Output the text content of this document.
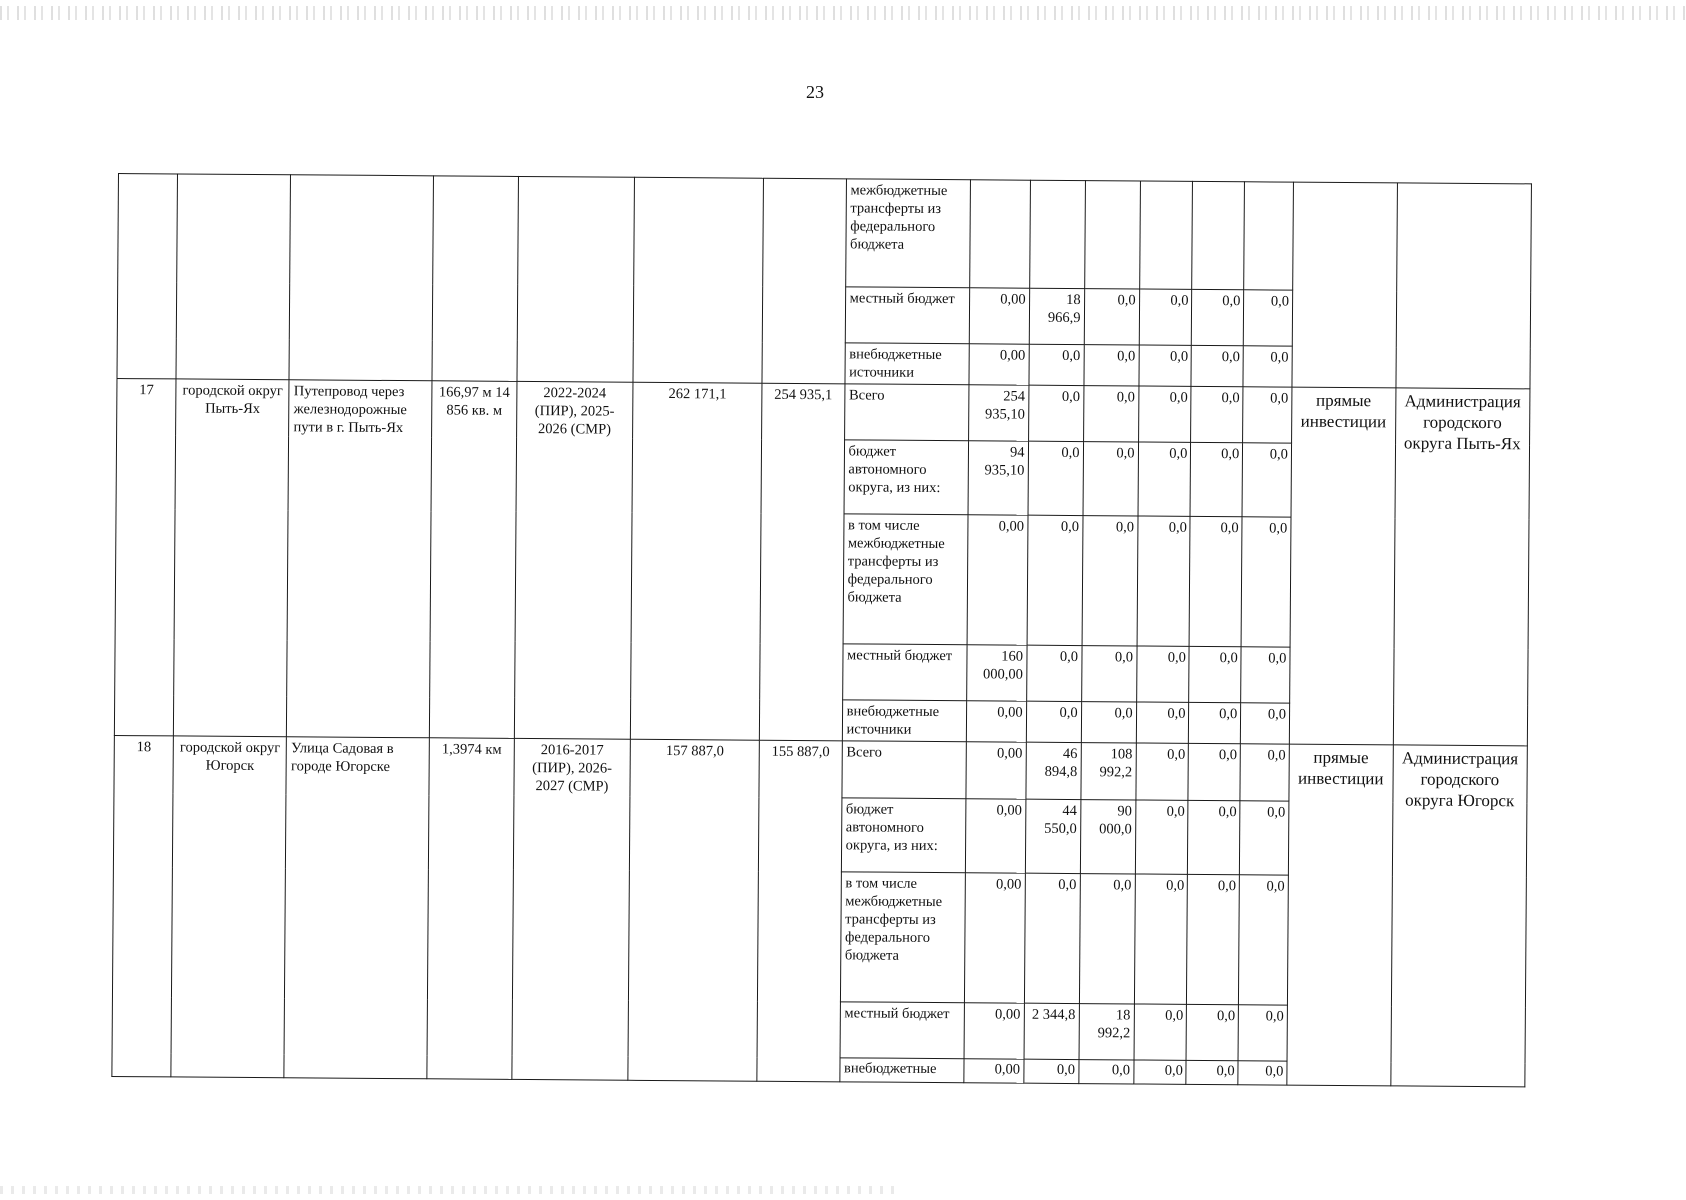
23
							межбюджетные трансферты из федерального бюджета								
							местный бюджет	0,00	18 966,9	0,0	0,0	0,0	0,0		
							внебюджетные источники	0,00	0,0	0,0	0,0	0,0	0,0		
17	городской округ Пыть-Ях	Путепровод через железнодорожные пути в г. Пыть-Ях	166,97 м 14 856 кв. м	2022-2024 (ПИР), 2025-2026 (СМР)	262 171,1	254 935,1	Всего	254 935,10	0,0	0,0	0,0	0,0	0,0	прямые инвестиции	Администрация городского округа Пыть-Ях
							бюджет автономного округа, из них:	94 935,10	0,0	0,0	0,0	0,0	0,0		
							в том числе межбюджетные трансферты из федерального бюджета	0,00	0,0	0,0	0,0	0,0	0,0		
							местный бюджет	160 000,00	0,0	0,0	0,0	0,0	0,0		
							внебюджетные источники	0,00	0,0	0,0	0,0	0,0	0,0		
18	городской округ Югорск	Улица Садовая в городе Югорске	1,3974 км	2016-2017 (ПИР), 2026-2027 (СМР)	157 887,0	155 887,0	Всего	0,00	46 894,8	108 992,2	0,0	0,0	0,0	прямые инвестиции	Администрация городского округа Югорск
							бюджет автономного округа, из них:	0,00	44 550,0	90 000,0	0,0	0,0	0,0		
							в том числе межбюджетные трансферты из федерального бюджета	0,00	0,0	0,0	0,0	0,0	0,0		
							местный бюджет	0,00	2 344,8	18 992,2	0,0	0,0	0,0		
							внебюджетные	0,00	0,0	0,0	0,0	0,0	0,0		
